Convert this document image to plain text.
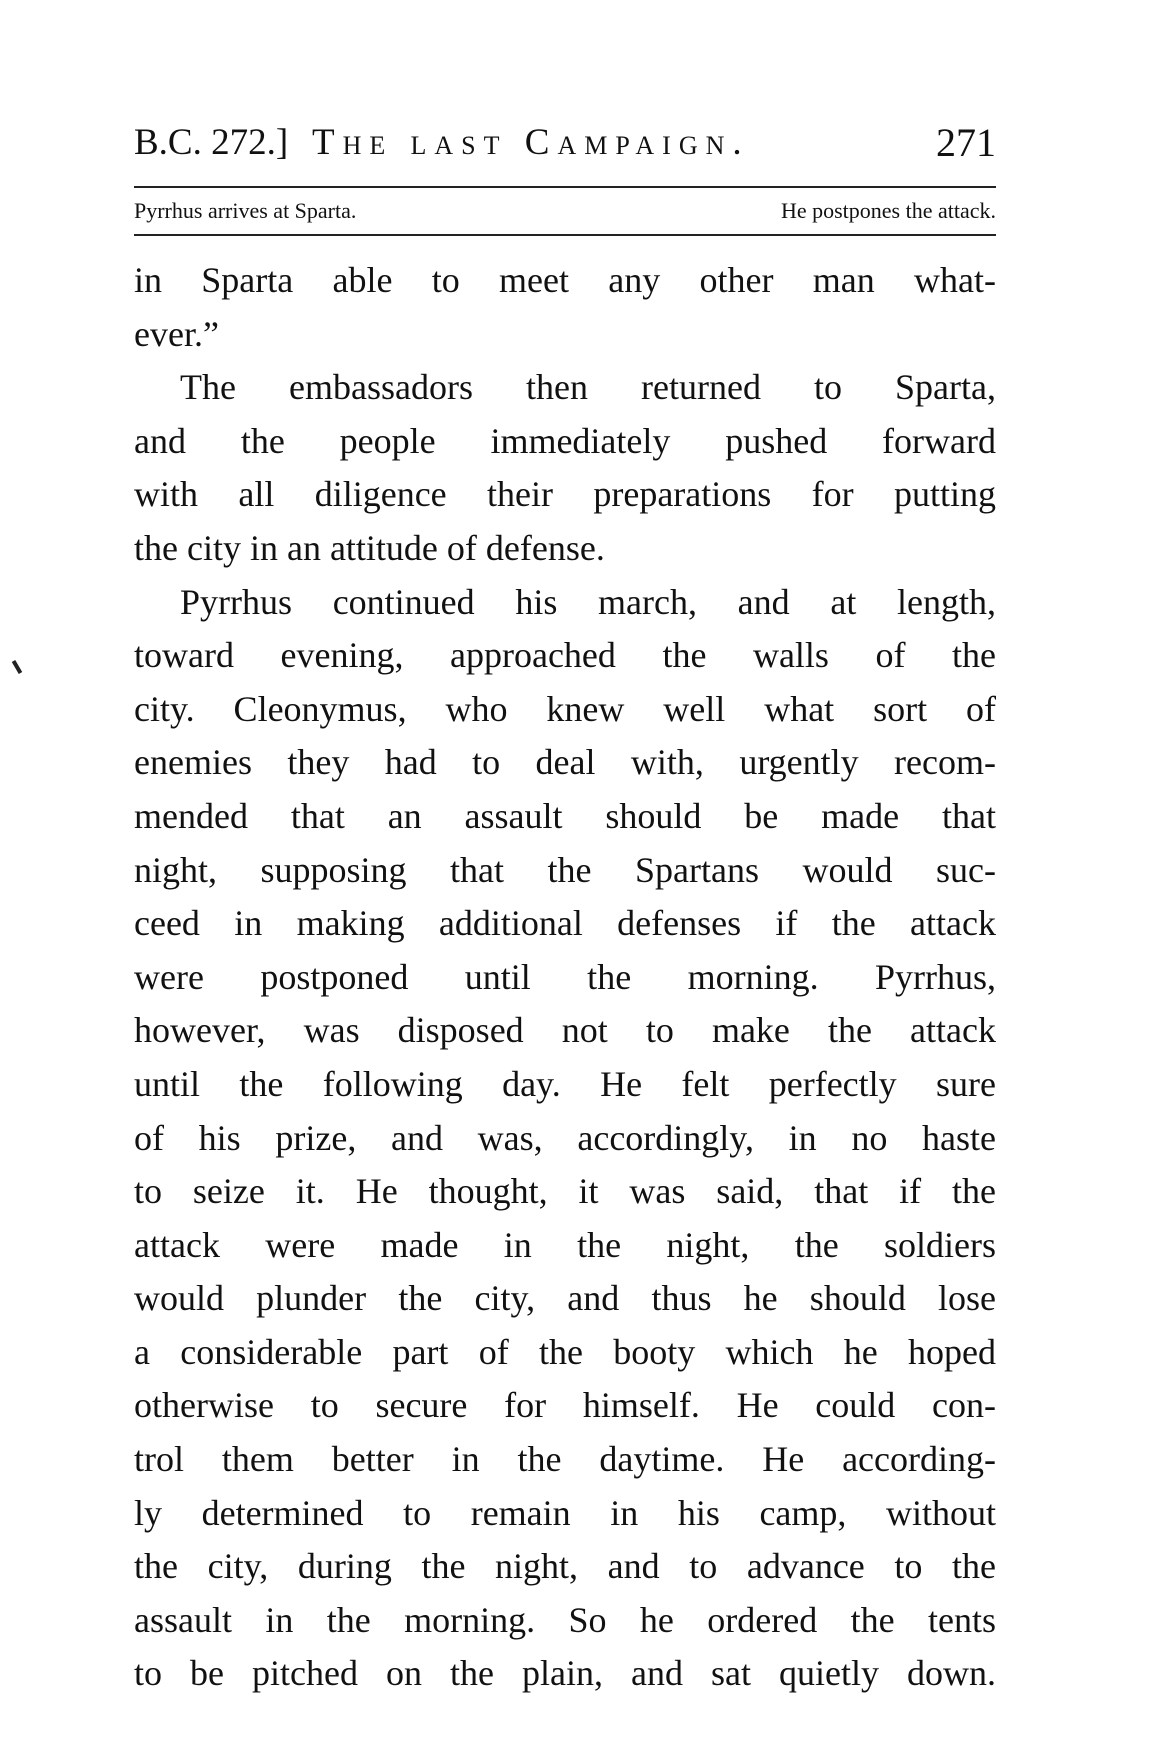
B.C. 272.] The last Campaign.	271
Pyrrhus arrives at Sparta.	He postpones the attack.
in Sparta able to meet any other man what-
ever.”
The embassadors then returned to Sparta,
and the people immediately pushed forward
with all diligence their preparations for putting
the city in an attitude of defense.
Pyrrhus continued his march, and at length,
toward evening, approached the walls of the
city. Cleonymus, who knew well what sort of
enemies they had to deal with, urgently recom-
mended that an assault should be made that
night, supposing that the Spartans would suc-
ceed in making additional defenses if the attack
were postponed until the morning. Pyrrhus,
however, was disposed not to make the attack
until the following day. He felt perfectly sure
of his prize, and was, accordingly, in no haste
to seize it. He thought, it was said, that if the
attack were made in the night, the soldiers
would plunder the city, and thus he should lose
a considerable part of the booty which he hoped
otherwise to secure for himself. He could con-
trol them better in the daytime. He according-
ly determined to remain in his camp, without
the city, during the night, and to advance to the
assault in the morning. So he ordered the tents
to be pitched on the plain, and sat quietly down.
